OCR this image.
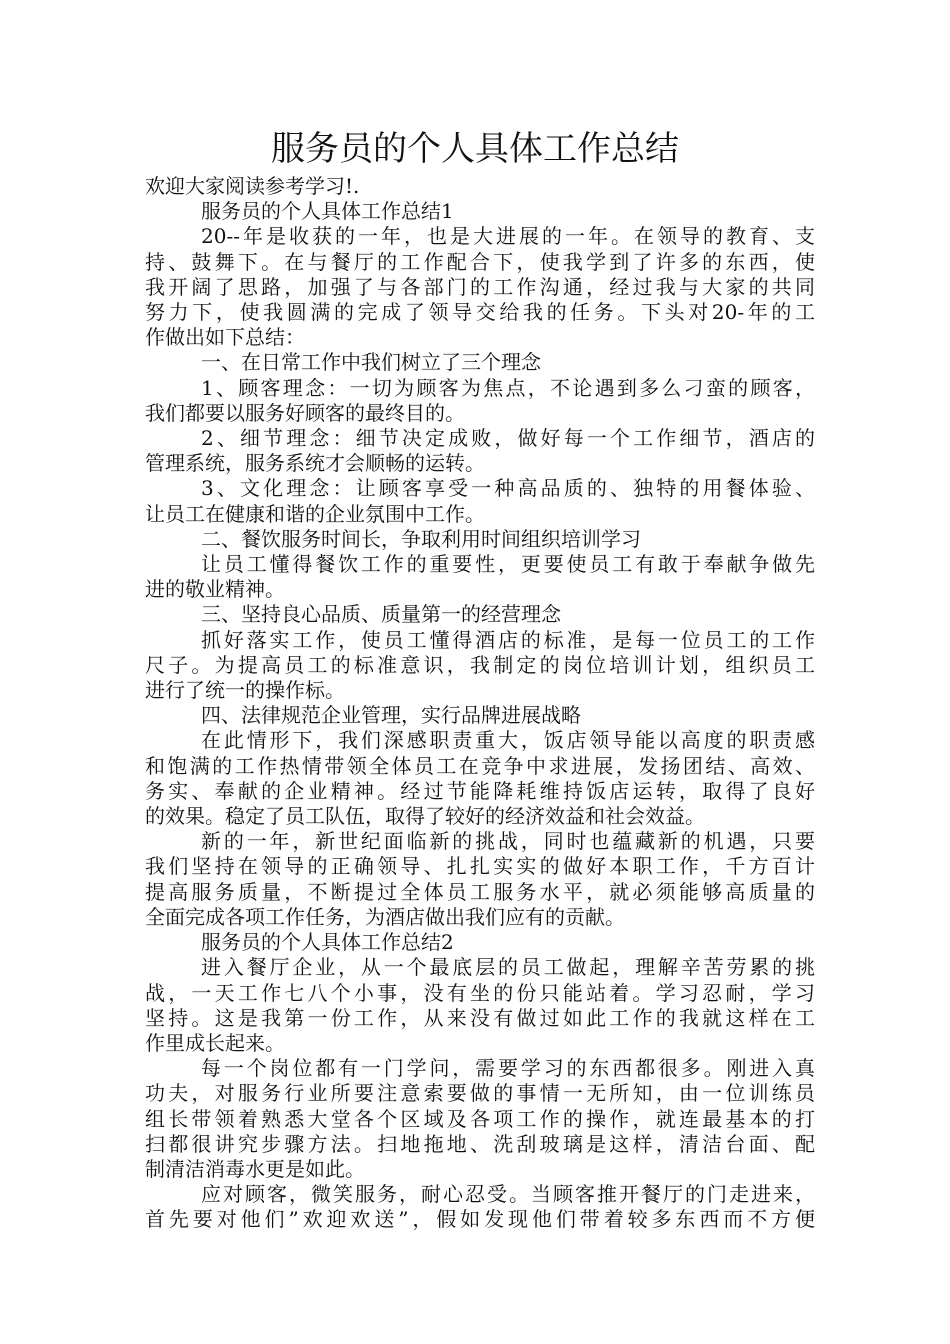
服务员的个人具体工作总结

欢迎大家阅读参考学习!.

服务员的个人具体工作总结1

20--年是收获的一年，也是大进展的一年。在领导的教育、支

持、鼓舞下。在与餐厅的工作配合下，使我学到了许多的东西，使

我开阔了思路，加强了与各部门的工作沟通，经过我与大家的共同

努力下，使我圆满的完成了领导交给我的任务。下头对20-年的工

作做出如下总结：

一、在日常工作中我们树立了三个理念

1、顾客理念：一切为顾客为焦点，不论遇到多么刁蛮的顾客，

我们都要以服务好顾客的最终目的。

2、细节理念：细节决定成败，做好每一个工作细节，酒店的

管理系统，服务系统才会顺畅的运转。

3、文化理念：让顾客享受一种高品质的、独特的用餐体验、

让员工在健康和谐的企业氛围中工作。

二、餐饮服务时间长，争取利用时间组织培训学习

让员工懂得餐饮工作的重要性，更要使员工有敢于奉献争做先

进的敬业精神。

三、坚持良心品质、质量第一的经营理念

抓好落实工作，使员工懂得酒店的标准，是每一位员工的工作

尺子。为提高员工的标准意识，我制定的岗位培训计划，组织员工

进行了统一的操作标。

四、法律规范企业管理，实行品牌进展战略

在此情形下，我们深感职责重大，饭店领导能以高度的职责感

和饱满的工作热情带领全体员工在竞争中求进展，发扬团结、高效、

务实、奉献的企业精神。经过节能降耗维持饭店运转，取得了良好

的效果。稳定了员工队伍，取得了较好的经济效益和社会效益。

新的一年，新世纪面临新的挑战，同时也蕴藏新的机遇，只要

我们坚持在领导的正确领导、扎扎实实的做好本职工作，千方百计

提高服务质量，不断提过全体员工服务水平，就必须能够高质量的

全面完成各项工作任务，为酒店做出我们应有的贡献。

服务员的个人具体工作总结2

进入餐厅企业，从一个最底层的员工做起，理解辛苦劳累的挑

战，一天工作七八个小事，没有坐的份只能站着。学习忍耐，学习

坚持。这是我第一份工作，从来没有做过如此工作的我就这样在工

作里成长起来。

每一个岗位都有一门学问，需要学习的东西都很多。刚进入真

功夫，对服务行业所要注意索要做的事情一无所知，由一位训练员

组长带领着熟悉大堂各个区域及各项工作的操作，就连最基本的打

扫都很讲究步骤方法。扫地拖地、洗刮玻璃是这样，清洁台面、配

制清洁消毒水更是如此。

应对顾客，微笑服务，耐心忍受。当顾客推开餐厅的门走进来，

首先要对他们”欢迎欢送”，假如发现他们带着较多东西而不方便
